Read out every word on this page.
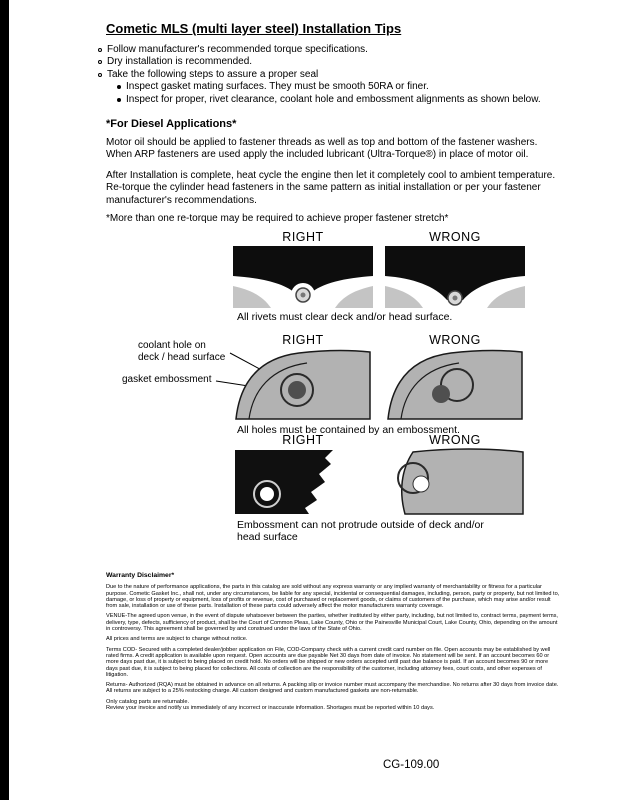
Cometic MLS (multi layer steel) Installation Tips
Follow manufacturer's recommended torque specifications.
Dry installation is recommended.
Take the following steps to assure a proper seal
Inspect gasket mating surfaces. They must be smooth 50RA or finer.
Inspect for proper, rivet clearance, coolant hole and embossment alignments as shown below.
*For Diesel Applications*

Motor oil should be applied to fastener threads as well as top and bottom of the fastener washers. When ARP fasteners are used apply the included lubricant (Ultra-Torque®) in place of motor oil.

After Installation is complete, heat cycle the engine then let it completely cool to ambient temperature. Re-torque the cylinder head fasteners in the same pattern as initial installation or per your fastener manufacturer's recommendations.

*More than one re-torque may be required to achieve proper fastener stretch*

RIGHT	WRONG
All rivets must clear deck and/or head surface.
RIGHT	WRONG
coolant hole on
deck / head surface
gasket embossment
All holes must be contained by an embossment.
RIGHT	WRONG
Embossment can not protrude outside of deck and/or head surface
Warranty Disclaimer*

Due to the nature of performance applications, the parts in this catalog are sold without any express warranty or any implied warranty of merchantability or fitness for a particular purpose. Cometic Gasket Inc., shall not, under any circumstances, be liable for any special, incidental or consequential damages, including, person, party or property, but not limited to, damage, or loss of property or equipment, loss of profits or revenue, cost of purchased or replacement goods, or claims of customers of the purchase, which may arise and/or result from sale, installation or use of these parts. Installation of these parts could adversely affect the motor manufacturers warranty coverage.

VENUE-The agreed upon venue, in the event of dispute whatsoever between the parties, whether instituted by either party, including, but not limited to, contract terms, payment terms, delivery, type, defects, sufficiency of product, shall be the Court of Common Pleas, Lake County, Ohio or the Painesville Municipal Court, Lake County, Ohio, depending on the amount in controversy. This agreement shall be governed by and construed under the laws of the State of Ohio.

All prices and terms are subject to change without notice.

Terms COD- Secured with a completed dealer/jobber application on File, COD-Company check with a current credit card number on file. Open accounts may be established by well rated firms. A credit application is available upon request. Open accounts are due payable Net 30 days from date of invoice. No statement will be sent. If an account becomes 60 or more days past due, it is subject to being placed on credit hold. No orders will be shipped or new orders accepted until past due balance is paid. If an account becomes 90 or more days past due, it is subject to being placed for collections. All costs of collection are the responsibility of the customer, including attorney fees, court costs, and other expenses of litigation.

Returns- Authorized (RQA) must be obtained in advance on all returns. A packing slip or invoice number must accompany the merchandise. No returns after 30 days from invoice date. All returns are subject to a 25% restocking charge. All custom designed and custom manufactured gaskets are non-returnable.

Only catalog parts are returnable.

Review your invoice and notify us immediately of any incorrect or inaccurate information. Shortages must be reported within 10 days.

CG-109.00
